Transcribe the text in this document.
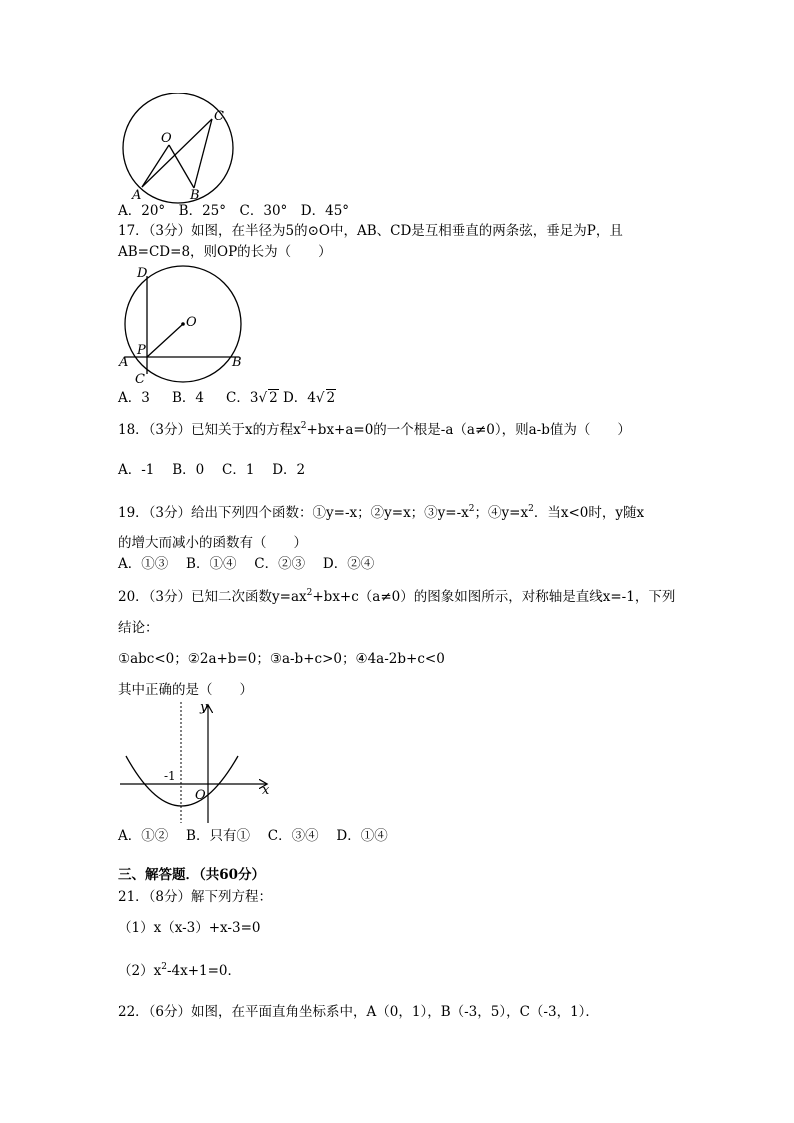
O
A	B
C
A．20°　B．25°　C．30°　D．45°
17．（3分）如图，在半径为5的⊙O中，AB、CD是互相垂直的两条弦，垂足为P，且
AB=CD=8，则OP的长为（　　）
D
O
A
P
B
C
A．3　 B．4　 C．3√ 2 D．4√ 2
18．（3分）已知关于x的方程$x^2+bx+a=0$的一个根是-a（a≠0），则a-b值为（　　）
A．-1　 B．0　 C．1　 D．2
19．（3分）给出下列四个函数：①y=-x；②y=x；$③y=-x^2$；$④y=x^2$．当x<0时，y随x
的增大而减小的函数有（　　）
A．①③　 B．①④　 C．②③　 D．②④
20．（3分）已知二次函数$y=ax^2+bx+c(a\ne 0)$的图象如图所示，对称轴是直线x=-1，下列
结论：
①abc<0；②2a+b=0；③a-b+c>0；④4a-2b+c<0
其中正确的是（　　）
y
x
O
-1
A．①②　 B．只有①　 C．③④　 D．①④
三、解答题．（共60分）
21．（8分）解下列方程：
（1）x（x-3）+x-3=0
$(2)x^2-4x+1=0$．
22．（6分）如图，在平面直角坐标系中，A（0，1），B（-3，5），C（-3，1）．
